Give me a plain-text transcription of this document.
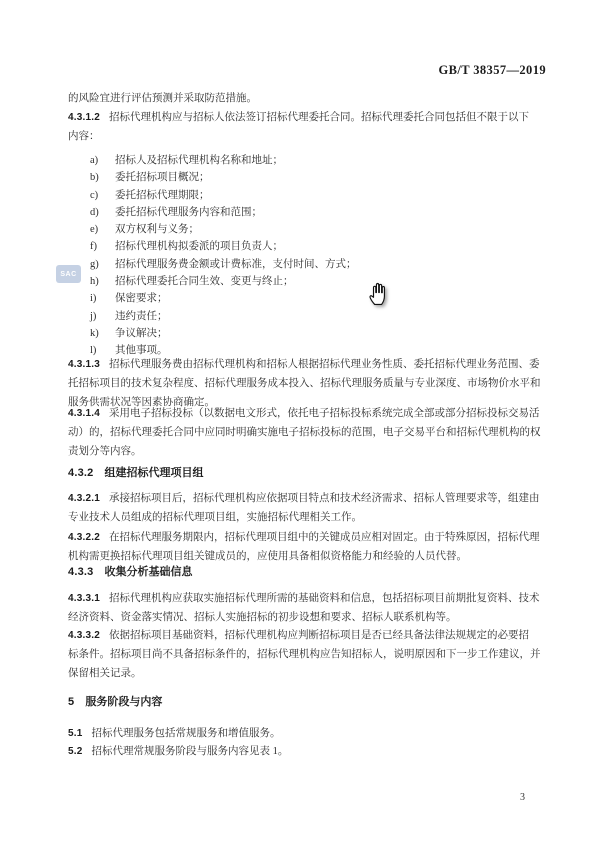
GB/T 38357—2019
的风险宜进行评估预测并采取防范措施。
4.3.1.2 招标代理机构应与招标人依法签订招标代理委托合同。招标代理委托合同包括但不限于以下
内容：
a) 招标人及招标代理机构名称和地址；
b) 委托招标项目概况；
c) 委托招标代理期限；
d) 委托招标代理服务内容和范围；
e) 双方权利与义务；
f) 招标代理机构拟委派的项目负责人；
g) 招标代理服务费金额或计费标准，支付时间、方式；
h) 招标代理委托合同生效、变更与终止；
i) 保密要求；
j) 违约责任；
k) 争议解决；
l) 其他事项。
4.3.1.3 招标代理服务费由招标代理机构和招标人根据招标代理业务性质、委托招标代理业务范围、委
托招标项目的技术复杂程度、招标代理服务成本投入、招标代理服务质量与专业深度、市场物价水平和
服务供需状况等因素协商确定。
4.3.1.4 采用电子招标投标（以数据电文形式，依托电子招标投标系统完成全部或部分招标投标交易活
动）的，招标代理委托合同中应同时明确实施电子招标投标的范围，电子交易平台和招标代理机构的权
责划分等内容。
4.3.2 组建招标代理项目组
4.3.2.1 承接招标项目后，招标代理机构应依据项目特点和技术经济需求、招标人管理要求等，组建由
专业技术人员组成的招标代理项目组，实施招标代理相关工作。
4.3.2.2 在招标代理服务期限内，招标代理项目组中的关键成员应相对固定。由于特殊原因，招标代理
机构需更换招标代理项目组关键成员的，应使用具备相似资格能力和经验的人员代替。
4.3.3 收集分析基础信息
4.3.3.1 招标代理机构应获取实施招标代理所需的基础资料和信息，包括招标项目前期批复资料、技术
经济资料、资金落实情况、招标人实施招标的初步设想和要求、招标人联系机构等。
4.3.3.2 依据招标项目基础资料，招标代理机构应判断招标项目是否已经具备法律法规规定的必要招
标条件。招标项目尚不具备招标条件的，招标代理机构应告知招标人，说明原因和下一步工作建议，并
保留相关记录。
5 服务阶段与内容
5.1 招标代理服务包括常规服务和增值服务。
5.2 招标代理常规服务阶段与服务内容见表 1。
3
SAC
